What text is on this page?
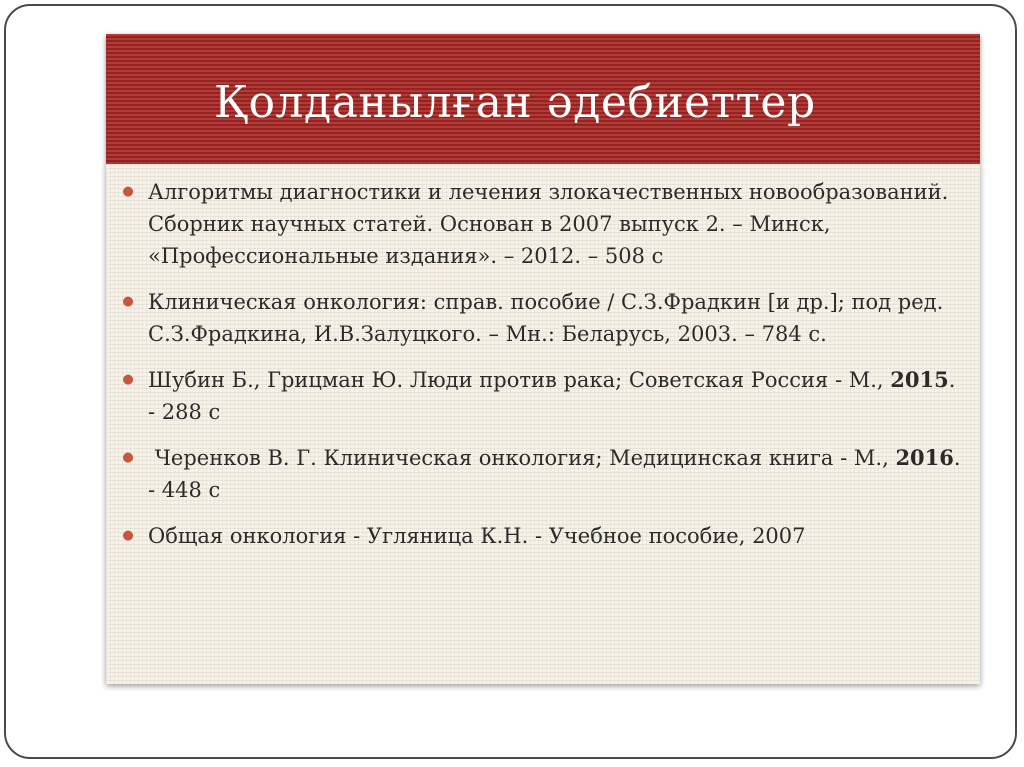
Қолданылған әдебиеттер
● Алгоритмы диагностики и лечения злокачественных новообразований. Сборник научных статей. Основан в 2007 выпуск 2. – Минск, «Профессиональные издания». – 2012. – 508 с
● Клиническая онкология: справ. пособие / С.З.Фрадкин [и др.]; под ред. С.З.Фрадкина, И.В.Залуцкого. – Мн.: Беларусь, 2003. – 784 с.
● Шубин Б., Грицман Ю. Люди против рака; Советская Россия - М., 2015. - 288 с
● Черенков В. Г. Клиническая онкология; Медицинская книга - М., 2016. - 448 с
● Общая онкология - Угляница К.Н. - Учебное пособие, 2007
